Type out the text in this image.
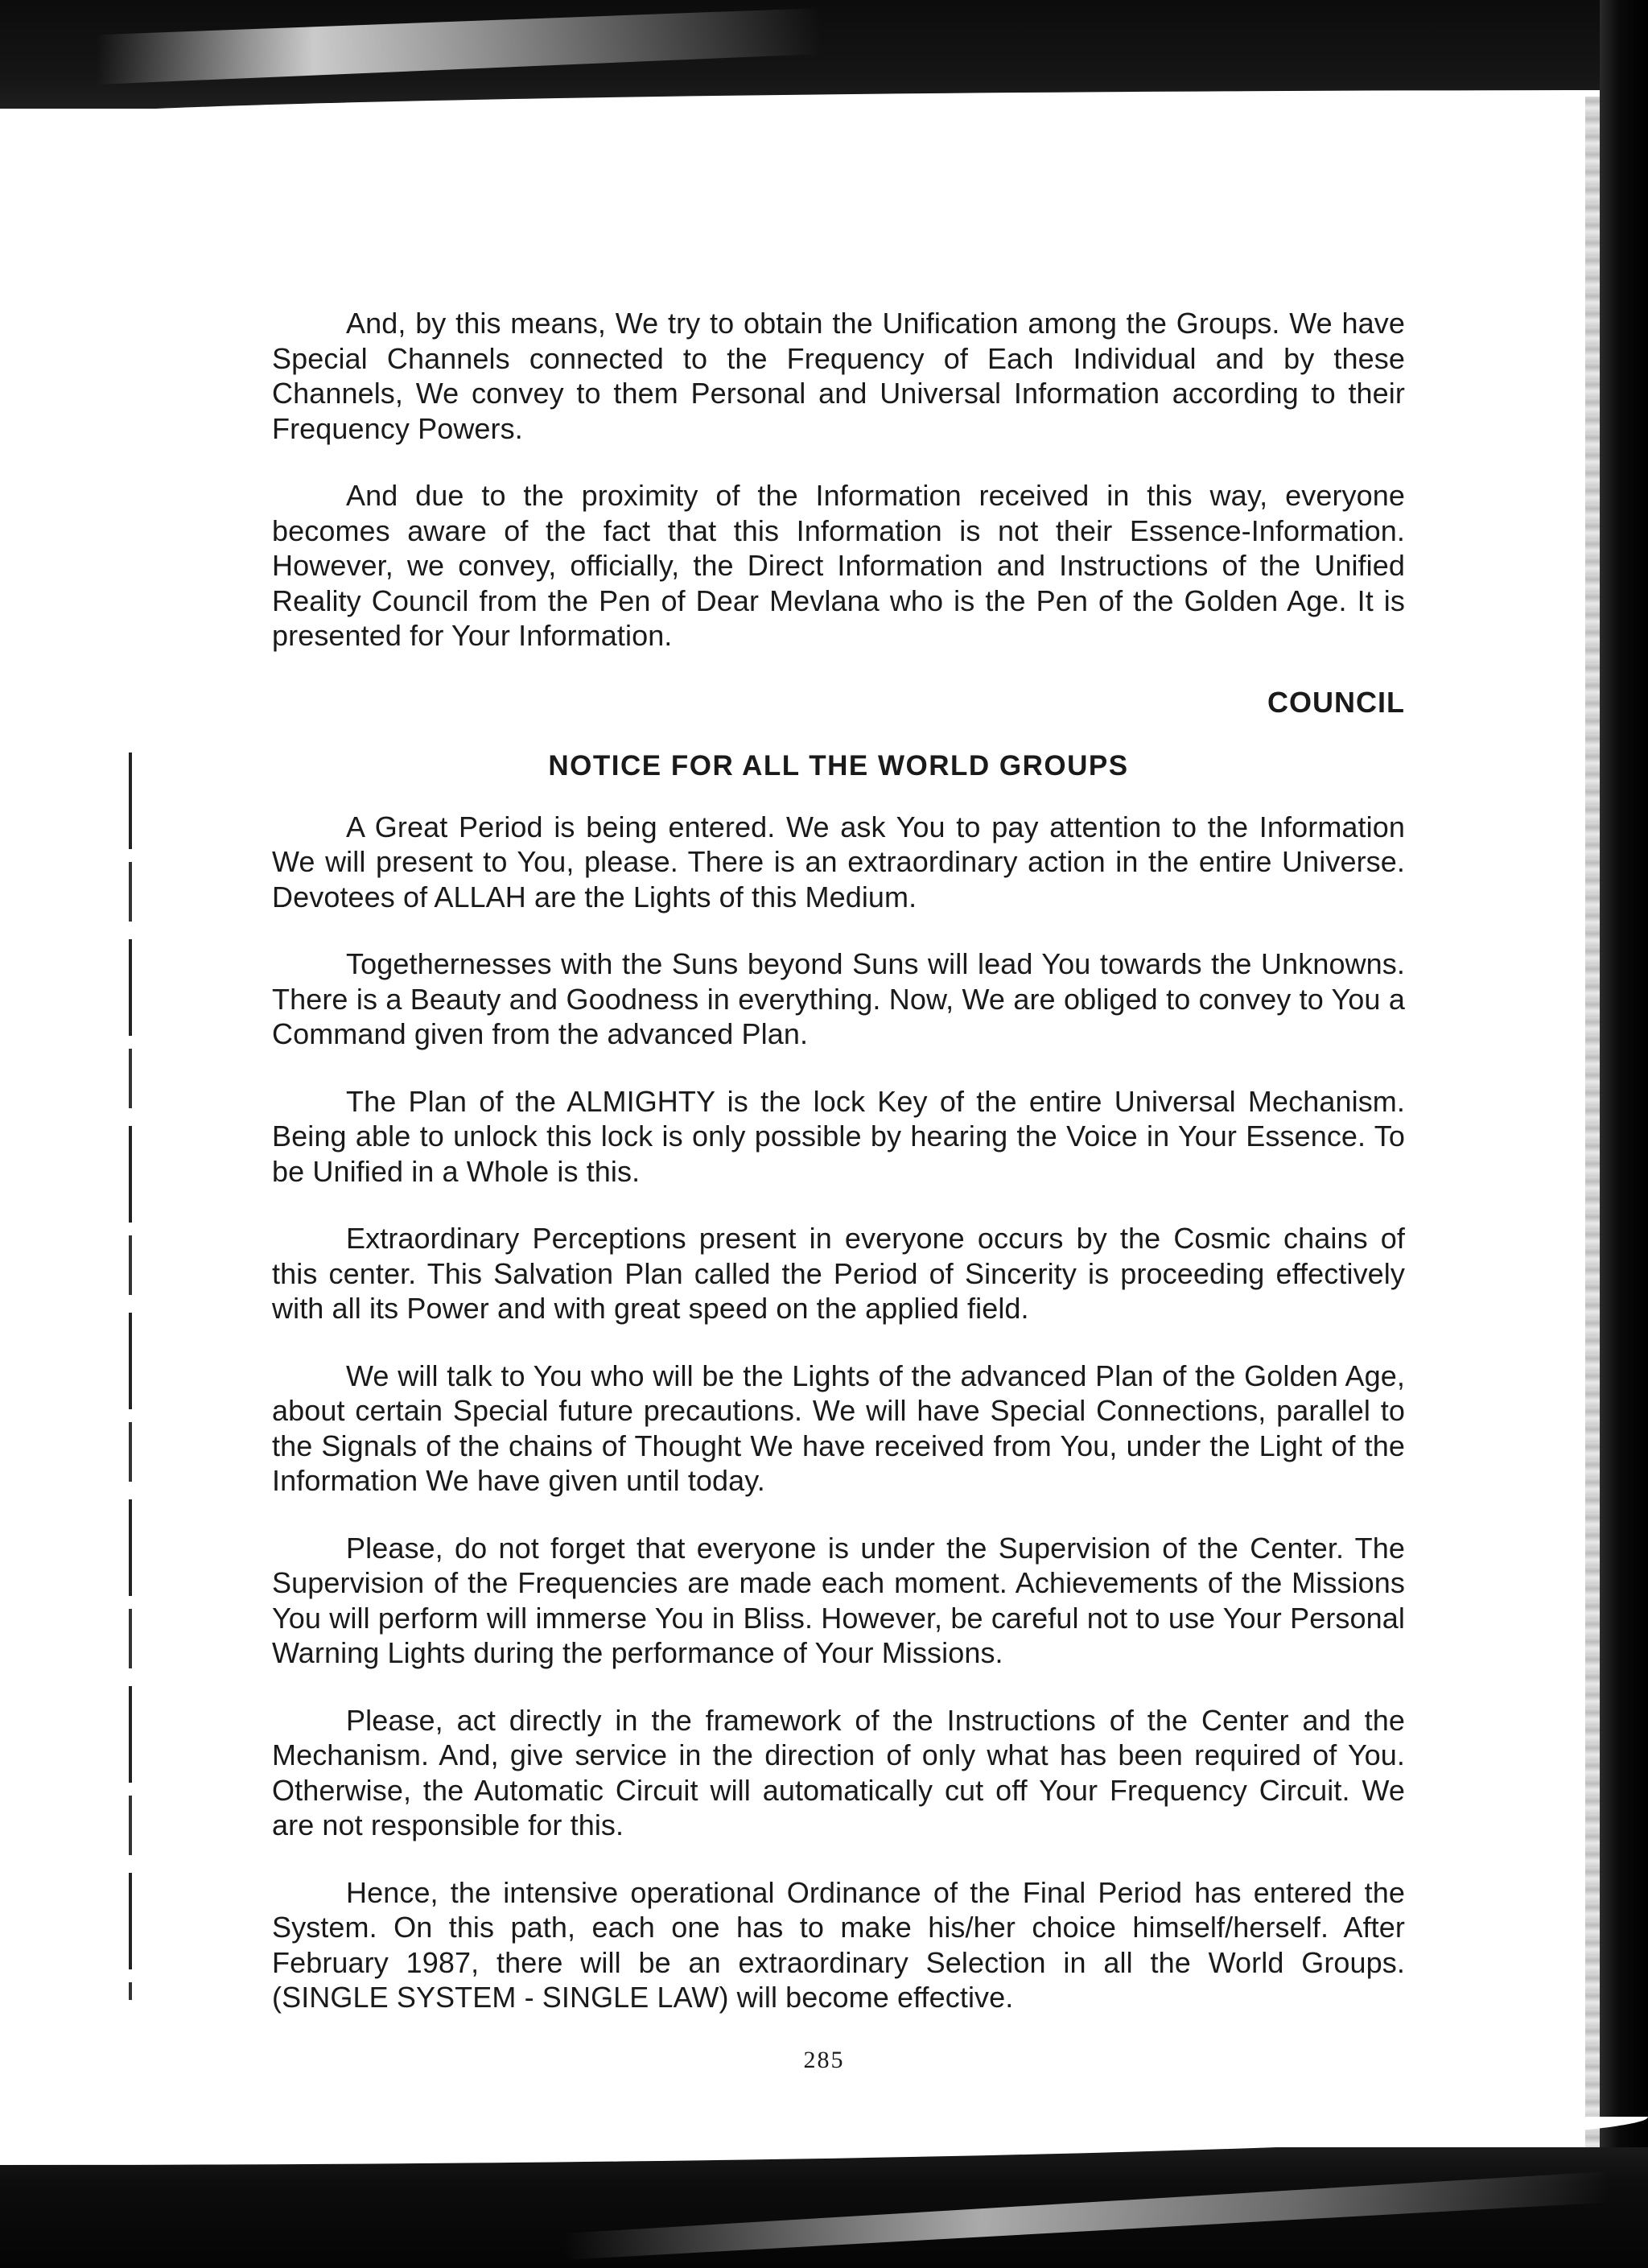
And, by this means, We try to obtain the Unification among the Groups. We have Special Channels connected to the Frequency of Each Individual and by these Channels, We convey to them Personal and Universal Information according to their Frequency Powers.

And due to the proximity of the Information received in this way, everyone becomes aware of the fact that this Information is not their Essence-Information. However, we convey, officially, the Direct Information and Instructions of the Unified Reality Council from the Pen of Dear Mevlana who is the Pen of the Golden Age. It is presented for Your Information.

COUNCIL
NOTICE FOR ALL THE WORLD GROUPS

A Great Period is being entered. We ask You to pay attention to the Information We will present to You, please. There is an extraordinary action in the entire Universe. Devotees of ALLAH are the Lights of this Medium.

Togethernesses with the Suns beyond Suns will lead You towards the Unknowns. There is a Beauty and Goodness in everything. Now, We are obliged to convey to You a Command given from the advanced Plan.

The Plan of the ALMIGHTY is the lock Key of the entire Universal Mechanism. Being able to unlock this lock is only possible by hearing the Voice in Your Essence. To be Unified in a Whole is this.

Extraordinary Perceptions present in everyone occurs by the Cosmic chains of this center. This Salvation Plan called the Period of Sincerity is proceeding effectively with all its Power and with great speed on the applied field.

We will talk to You who will be the Lights of the advanced Plan of the Golden Age, about certain Special future precautions. We will have Special Connections, parallel to the Signals of the chains of Thought We have received from You, under the Light of the Information We have given until today.

Please, do not forget that everyone is under the Supervision of the Center. The Supervision of the Frequencies are made each moment. Achievements of the Missions You will perform will immerse You in Bliss. However, be careful not to use Your Personal Warning Lights during the performance of Your Missions.

Please, act directly in the framework of the Instructions of the Center and the Mechanism. And, give service in the direction of only what has been required of You. Otherwise, the Automatic Circuit will automatically cut off Your Frequency Circuit. We are not responsible for this.

Hence, the intensive operational Ordinance of the Final Period has entered the System. On this path, each one has to make his/her choice himself/herself. After February 1987, there will be an extraordinary Selection in all the World Groups. (SINGLE SYSTEM - SINGLE LAW) will become effective.

285
